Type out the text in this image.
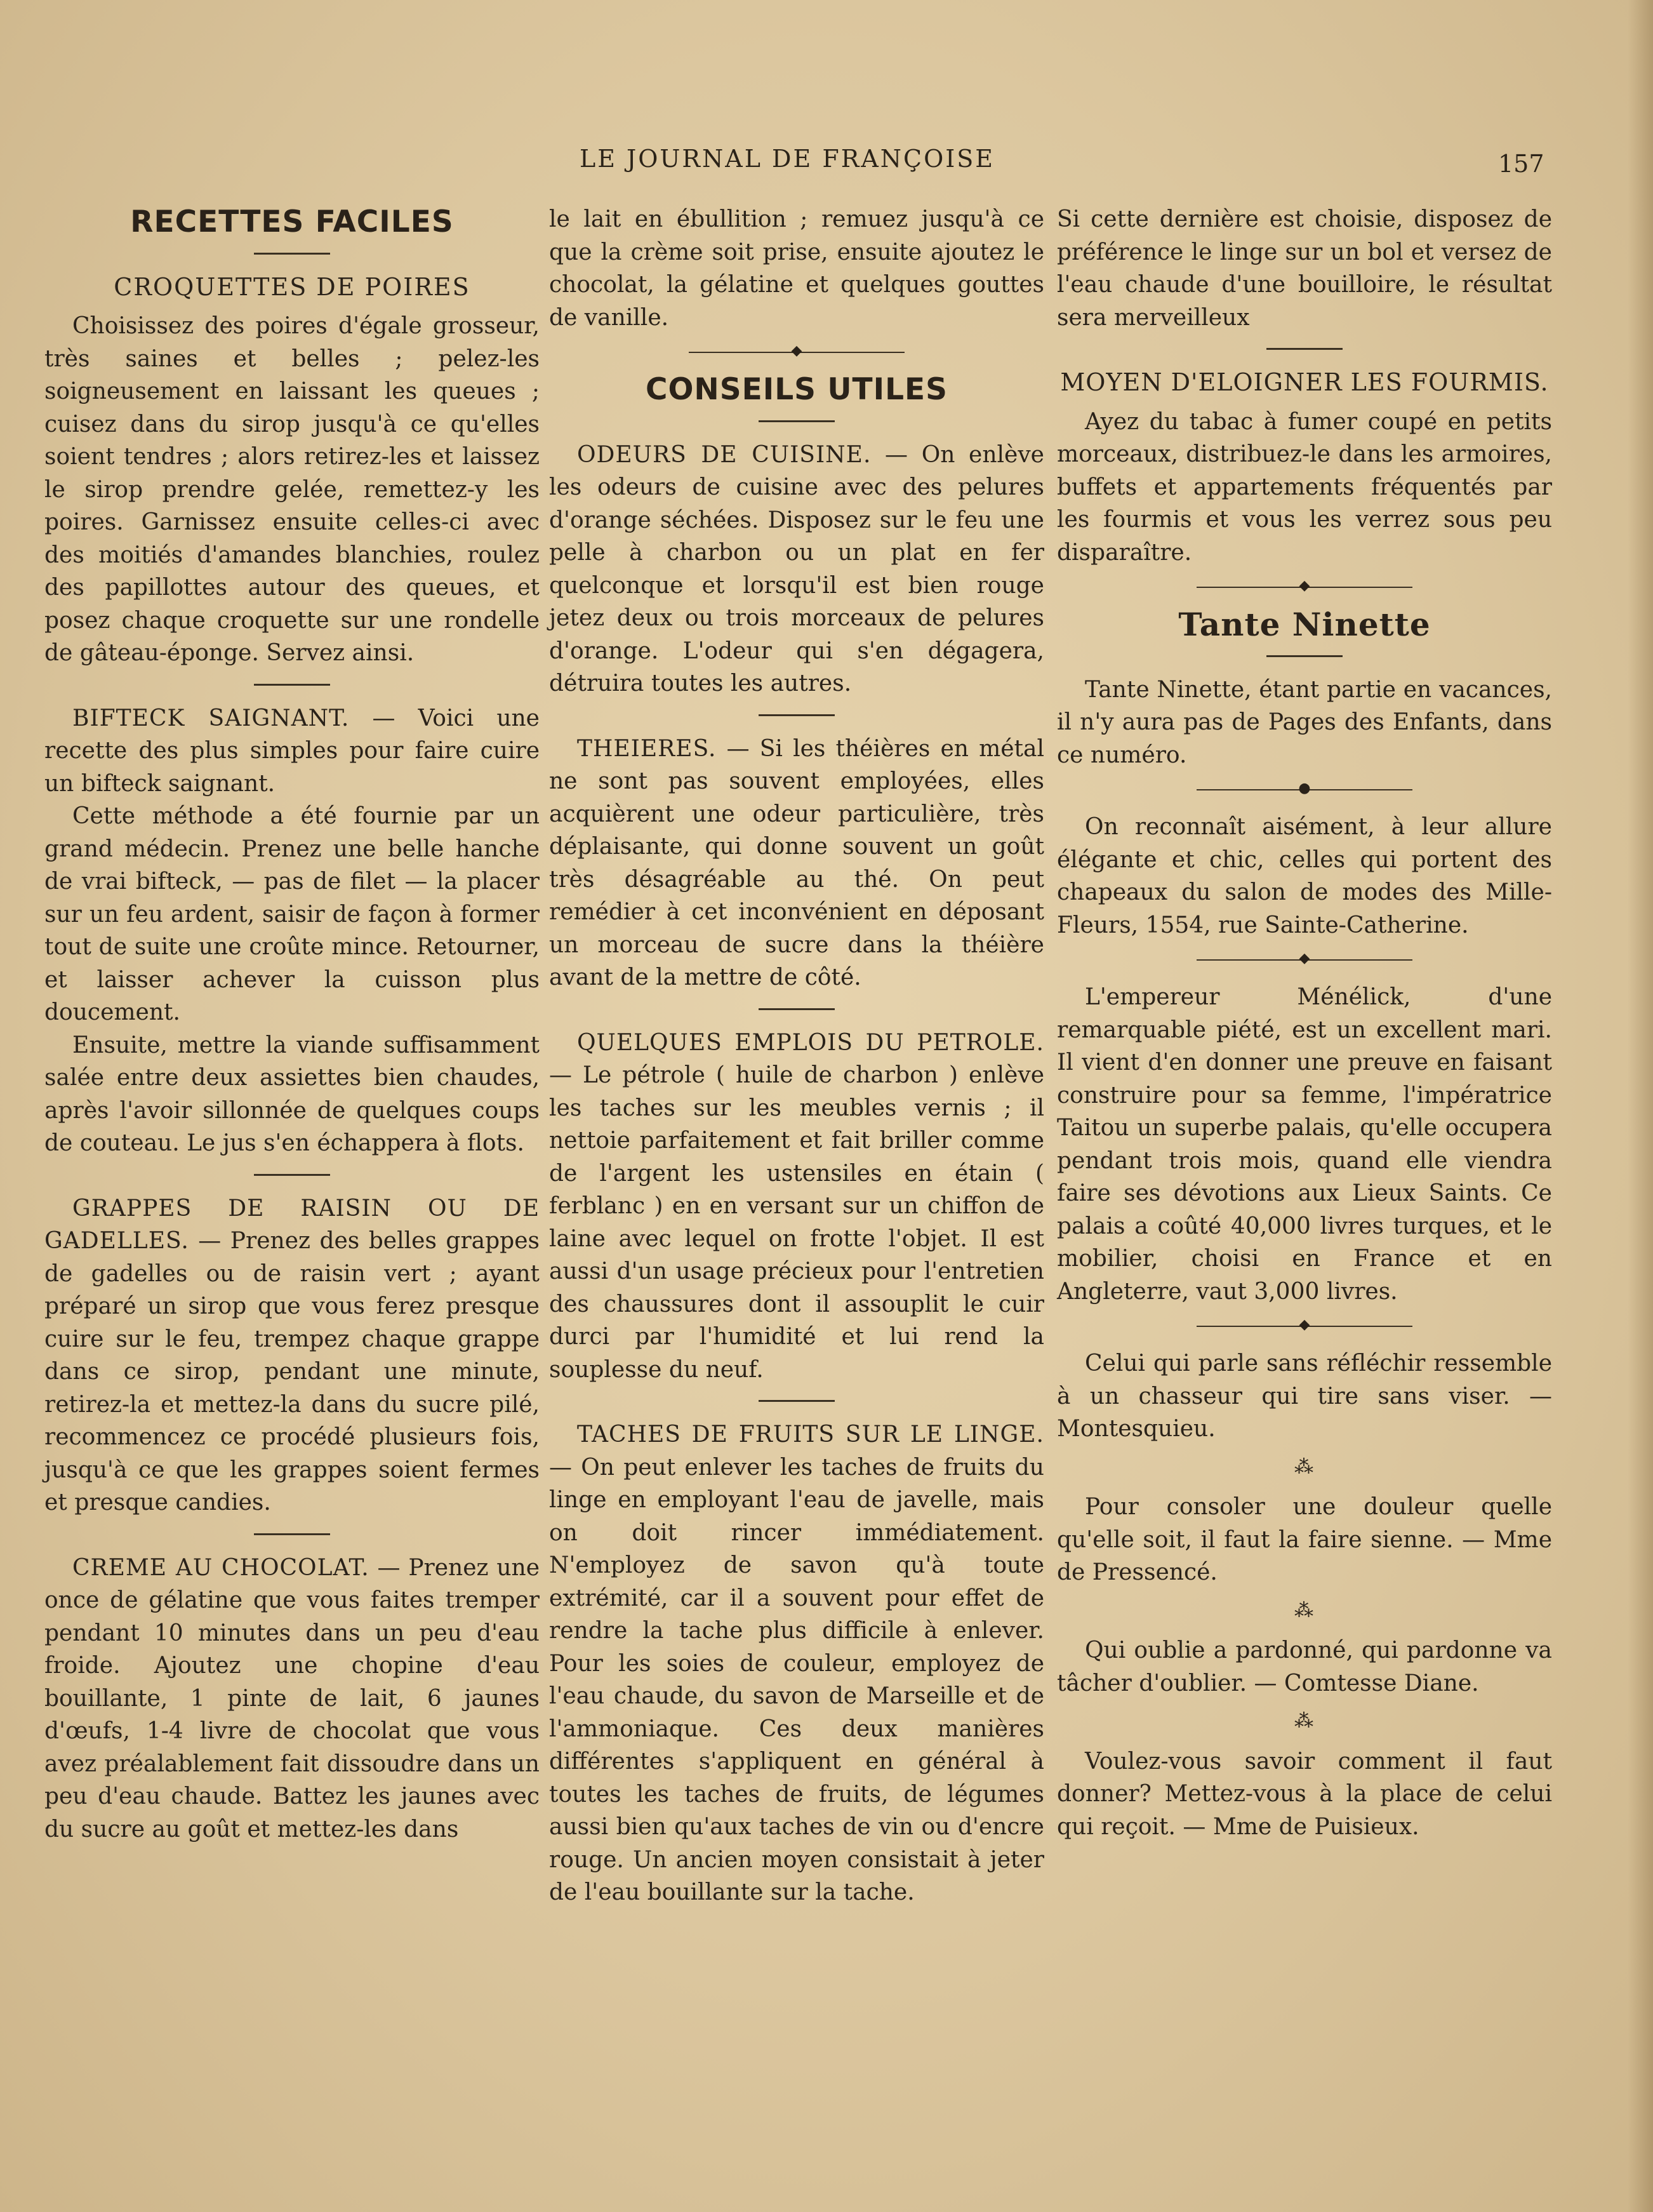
LE JOURNAL DE FRANÇOISE	157
RECETTES FACILES
CROQUETTES DE POIRES

Choisissez des poires d'égale grosseur, très saines et belles ; pelez-les soigneusement en laissant les queues ; cuisez dans du sirop jusqu'à ce qu'elles soient tendres ; alors retirez-les et laissez le sirop prendre gelée, remettez-y les poires. Garnissez ensuite celles-ci avec des moitiés d'amandes blanchies, roulez des papillottes autour des queues, et posez chaque croquette sur une rondelle de gâteau-éponge. Servez ainsi.

BIFTECK SAIGNANT. — Voici une recette des plus simples pour faire cuire un bifteck saignant.

Cette méthode a été fournie par un grand médecin. Prenez une belle hanche de vrai bifteck, — pas de filet — la placer sur un feu ardent, saisir de façon à former tout de suite une croûte mince. Retourner, et laisser achever la cuisson plus doucement.

Ensuite, mettre la viande suffisamment salée entre deux assiettes bien chaudes, après l'avoir sillonnée de quelques coups de couteau. Le jus s'en échappera à flots.

GRAPPES DE RAISIN OU DE GADELLES. — Prenez des belles grappes de gadelles ou de raisin vert ; ayant préparé un sirop que vous ferez presque cuire sur le feu, trempez chaque grappe dans ce sirop, pendant une minute, retirez-la et mettez-la dans du sucre pilé, recommencez ce procédé plusieurs fois, jusqu'à ce que les grappes soient fermes et presque candies.

CREME AU CHOCOLAT. — Prenez une once de gélatine que vous faites tremper pendant 10 minutes dans un peu d'eau froide. Ajoutez une chopine d'eau bouillante, 1 pinte de lait, 6 jaunes d'œufs, 1-4 livre de chocolat que vous avez préalablement fait dissoudre dans un peu d'eau chaude. Battez les jaunes avec du sucre au goût et mettez-les dans

le lait en ébullition ; remuez jusqu'à ce que la crème soit prise, ensuite ajoutez le chocolat, la gélatine et quelques gouttes de vanille.

◆
CONSEILS UTILES

ODEURS DE CUISINE. — On enlève les odeurs de cuisine avec des pelures d'orange séchées. Disposez sur le feu une pelle à charbon ou un plat en fer quelconque et lorsqu'il est bien rouge jetez deux ou trois morceaux de pelures d'orange. L'odeur qui s'en dégagera, détruira toutes les autres.

THEIERES. — Si les théières en métal ne sont pas souvent employées, elles acquièrent une odeur particulière, très déplaisante, qui donne souvent un goût très désagréable au thé. On peut remédier à cet inconvénient en déposant un morceau de sucre dans la théière avant de la mettre de côté.

QUELQUES EMPLOIS DU PETROLE. — Le pétrole ( huile de charbon ) enlève les taches sur les meubles vernis ; il nettoie parfaitement et fait briller comme de l'argent les ustensiles en étain ( ferblanc ) en en versant sur un chiffon de laine avec lequel on frotte l'objet. Il est aussi d'un usage précieux pour l'entretien des chaussures dont il assouplit le cuir durci par l'humidité et lui rend la souplesse du neuf.

TACHES DE FRUITS SUR LE LINGE. — On peut enlever les taches de fruits du linge en employant l'eau de javelle, mais on doit rincer immédiatement. N'employez de savon qu'à toute extrémité, car il a souvent pour effet de rendre la tache plus difficile à enlever. Pour les soies de couleur, employez de l'eau chaude, du savon de Marseille et de l'ammoniaque. Ces deux manières différentes s'appliquent en général à toutes les taches de fruits, de légumes aussi bien qu'aux taches de vin ou d'encre rouge. Un ancien moyen consistait à jeter de l'eau bouillante sur la tache.

Si cette dernière est choisie, disposez de préférence le linge sur un bol et versez de l'eau chaude d'une bouilloire, le résultat sera merveilleux

MOYEN D'ELOIGNER LES FOURMIS.

Ayez du tabac à fumer coupé en petits morceaux, distribuez-le dans les armoires, buffets et appartements fréquentés par les fourmis et vous les verrez sous peu disparaître.

◆
Tante Ninette

Tante Ninette, étant partie en vacances, il n'y aura pas de Pages des Enfants, dans ce numéro.

●

On reconnaît aisément, à leur allure élégante et chic, celles qui portent des chapeaux du salon de modes des Mille-Fleurs, 1554, rue Sainte-Catherine.

◆

L'empereur Ménélick, d'une remarquable piété, est un excellent mari. Il vient d'en donner une preuve en faisant construire pour sa femme, l'impératrice Taitou un superbe palais, qu'elle occupera pendant trois mois, quand elle viendra faire ses dévotions aux Lieux Saints. Ce palais a coûté 40,000 livres turques, et le mobilier, choisi en France et en Angleterre, vaut 3,000 livres.

◆

Celui qui parle sans réfléchir ressemble à un chasseur qui tire sans viser. — Montesquieu.

⁂

Pour consoler une douleur quelle qu'elle soit, il faut la faire sienne. — Mme de Pressencé.

⁂

Qui oublie a pardonné, qui pardonne va tâcher d'oublier. — Comtesse Diane.

⁂

Voulez-vous savoir comment il faut donner? Mettez-vous à la place de celui qui reçoit. — Mme de Puisieux.
